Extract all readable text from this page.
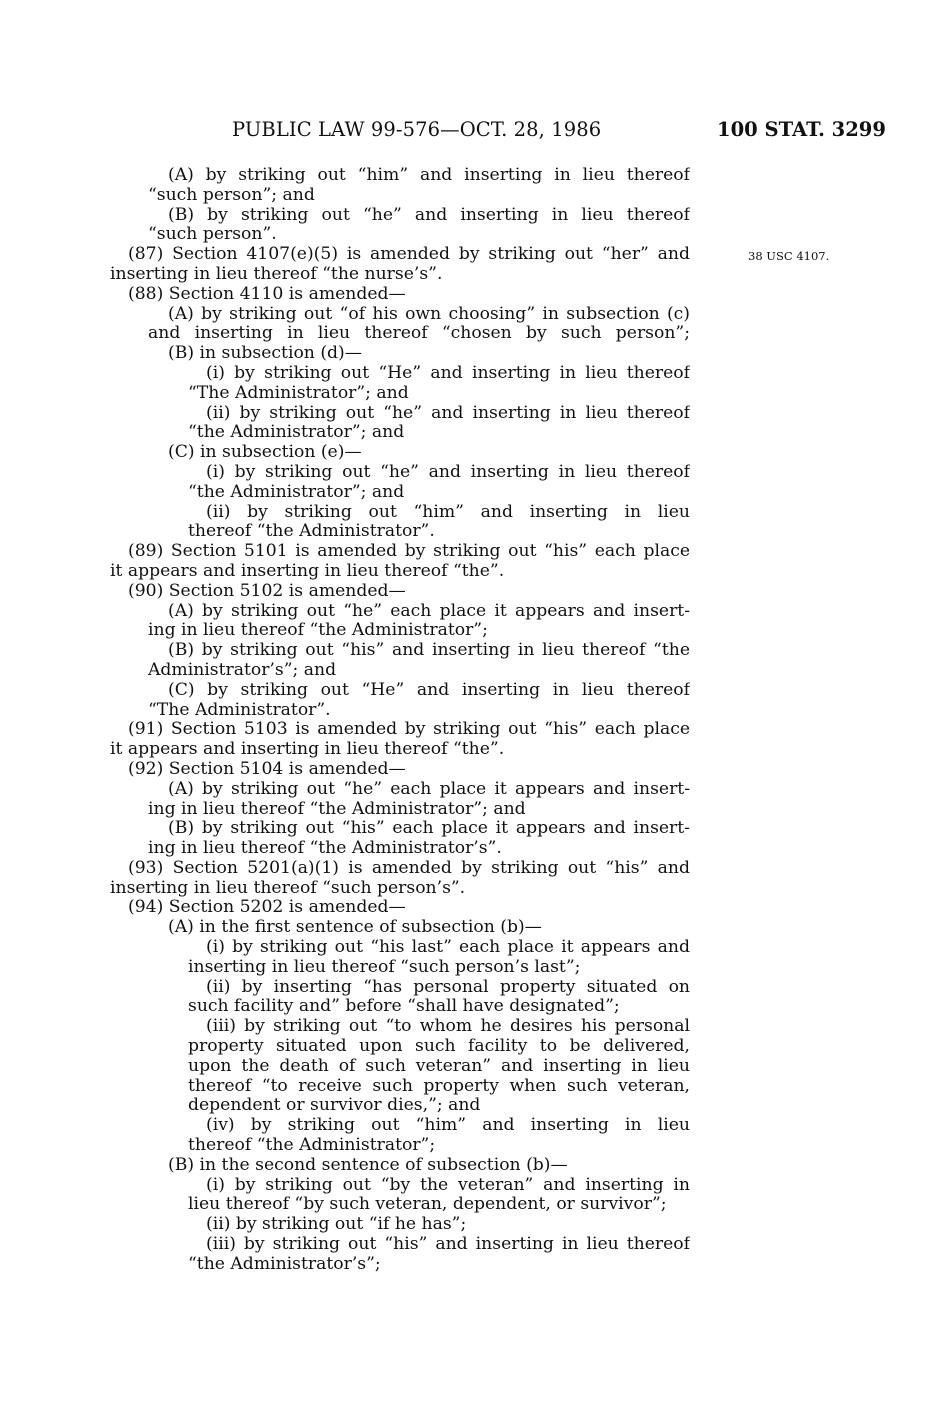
PUBLIC LAW 99-576—OCT. 28, 1986	100 STAT. 3299
38 USC 4107.
(A) by striking out “him” and inserting in lieu thereof
“such person”; and
(B) by striking out “he” and inserting in lieu thereof
“such person”.
(87) Section 4107(e)(5) is amended by striking out “her” and
inserting in lieu thereof “the nurse’s”.
(88) Section 4110 is amended—
(A) by striking out “of his own choosing” in subsection (c)
and inserting in lieu thereof “chosen by such person”;
(B) in subsection (d)—
(i) by striking out “He” and inserting in lieu thereof
“The Administrator”; and
(ii) by striking out “he” and inserting in lieu thereof
“the Administrator”; and
(C) in subsection (e)—
(i) by striking out “he” and inserting in lieu thereof
“the Administrator”; and
(ii) by striking out “him” and inserting in lieu
thereof “the Administrator”.
(89) Section 5101 is amended by striking out “his” each place
it appears and inserting in lieu thereof “the”.
(90) Section 5102 is amended—
(A) by striking out “he” each place it appears and insert-
ing in lieu thereof “the Administrator”;
(B) by striking out “his” and inserting in lieu thereof “the
Administrator’s”; and
(C) by striking out “He” and inserting in lieu thereof
“The Administrator”.
(91) Section 5103 is amended by striking out “his” each place
it appears and inserting in lieu thereof “the”.
(92) Section 5104 is amended—
(A) by striking out “he” each place it appears and insert-
ing in lieu thereof “the Administrator”; and
(B) by striking out “his” each place it appears and insert-
ing in lieu thereof “the Administrator’s”.
(93) Section 5201(a)(1) is amended by striking out “his” and
inserting in lieu thereof “such person’s”.
(94) Section 5202 is amended—
(A) in the first sentence of subsection (b)—
(i) by striking out “his last” each place it appears and
inserting in lieu thereof “such person’s last”;
(ii) by inserting “has personal property situated on
such facility and” before “shall have designated”;
(iii) by striking out “to whom he desires his personal
property situated upon such facility to be delivered,
upon the death of such veteran” and inserting in lieu
thereof “to receive such property when such veteran,
dependent or survivor dies,”; and
(iv) by striking out “him” and inserting in lieu
thereof “the Administrator”;
(B) in the second sentence of subsection (b)—
(i) by striking out “by the veteran” and inserting in
lieu thereof “by such veteran, dependent, or survivor”;
(ii) by striking out “if he has”;
(iii) by striking out “his” and inserting in lieu thereof
“the Administrator’s”;
